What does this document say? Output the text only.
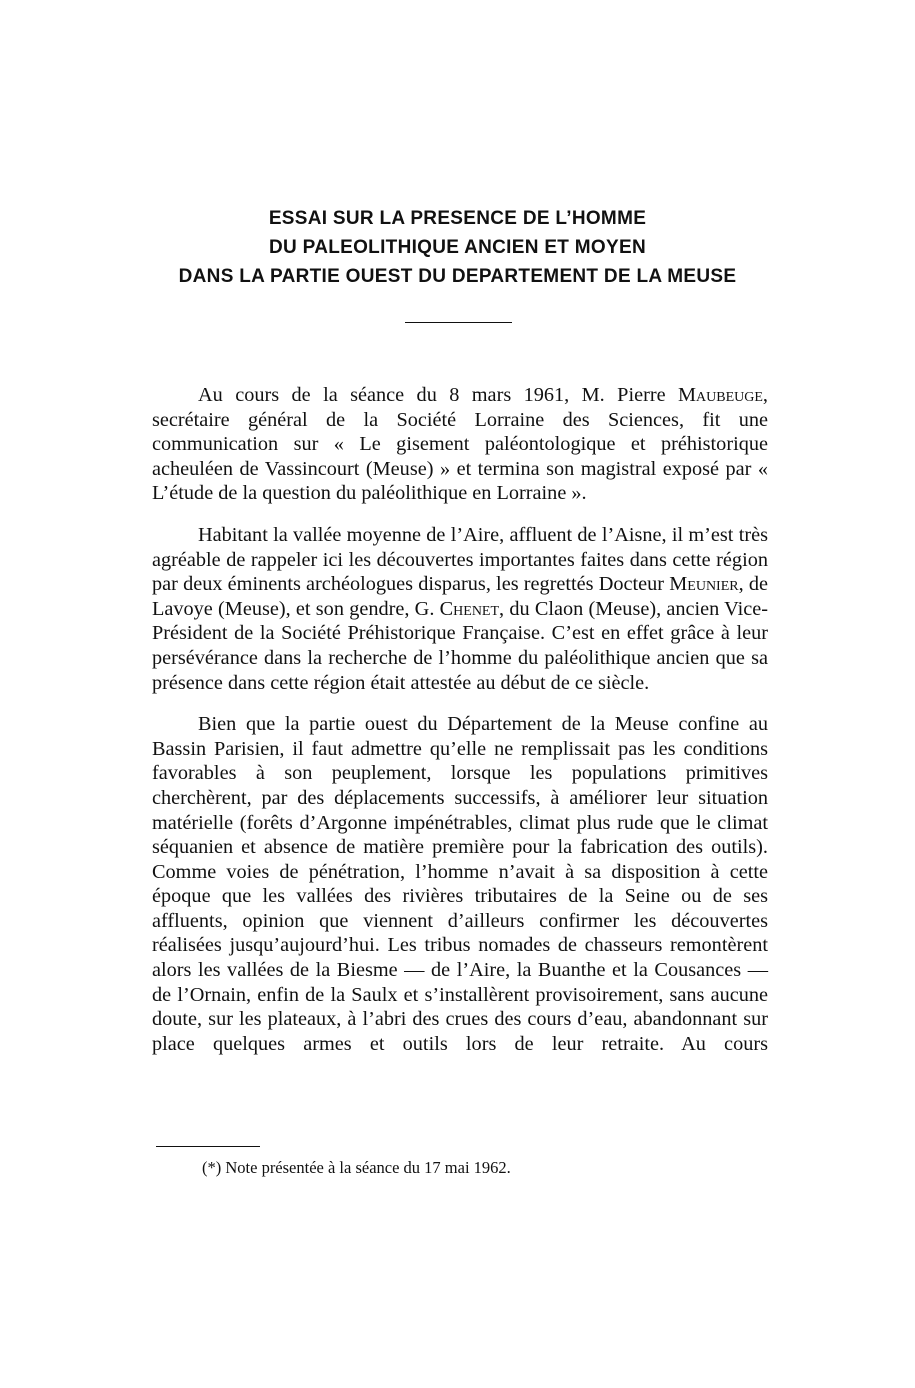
ESSAI SUR LA PRESENCE DE L’HOMME
DU PALEOLITHIQUE ANCIEN ET MOYEN
DANS LA PARTIE OUEST DU DEPARTEMENT DE LA MEUSE

Au cours de la séance du 8 mars 1961, M. Pierre Maubeuge, secrétaire général de la Société Lorraine des Sciences, fit une communication sur « Le gisement paléontologique et préhistorique acheuléen de Vassincourt (Meuse) » et termina son magistral exposé par « L’étude de la question du paléolithique en Lorraine ».

Habitant la vallée moyenne de l’Aire, affluent de l’Aisne, il m’est très agréable de rappeler ici les découvertes importantes faites dans cette région par deux éminents archéologues disparus, les regrettés Docteur Meunier, de Lavoye (Meuse), et son gendre, G. Chenet, du Claon (Meuse), ancien Vice-Président de la Société Préhistorique Française. C’est en effet grâce à leur persévérance dans la recherche de l’homme du paléolithique ancien que sa présence dans cette région était attestée au début de ce siècle.

Bien que la partie ouest du Département de la Meuse confine au Bassin Parisien, il faut admettre qu’elle ne remplissait pas les conditions favorables à son peuplement, lorsque les populations primitives cherchèrent, par des déplacements successifs, à améliorer leur situation matérielle (forêts d’Argonne impénétrables, climat plus rude que le climat séquanien et absence de matière première pour la fabrication des outils). Comme voies de pénétration, l’homme n’avait à sa disposition à cette époque que les vallées des rivières tributaires de la Seine ou de ses affluents, opinion que viennent d’ailleurs confirmer les découvertes réalisées jusqu’aujourd’hui. Les tribus nomades de chasseurs remontèrent alors les vallées de la Biesme — de l’Aire, la Buanthe et la Cousances — de l’Ornain, enfin de la Saulx et s’installèrent provisoirement, sans aucune doute, sur les plateaux, à l’abri des crues des cours d’eau, abandonnant sur place quelques armes et outils lors de leur retraite. Au cours

(*) Note présentée à la séance du 17 mai 1962.
